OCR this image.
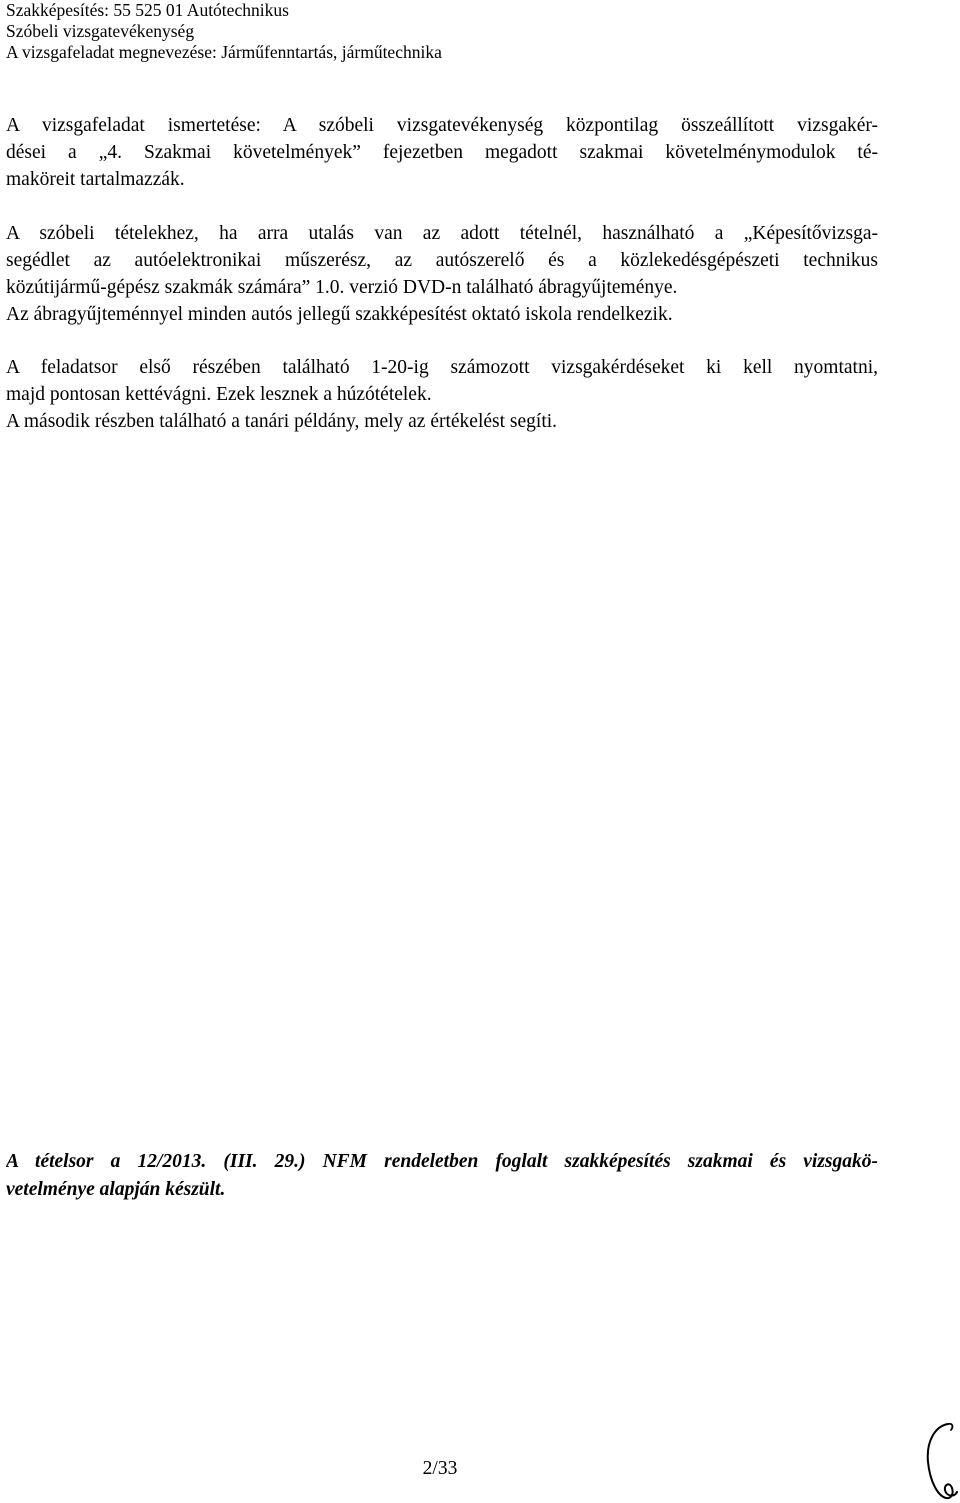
Szakképesítés: 55 525 01 Autótechnikus
Szóbeli vizsgatevékenység
A vizsgafeladat megnevezése: Járműfenntartás, járműtechnika
A vizsgafeladat ismertetése: A szóbeli vizsgatevékenység központilag összeállított vizsgakér-
dései a „4. Szakmai követelmények” fejezetben megadott szakmai követelménymodulok té-
maköreit tartalmazzák.
A szóbeli tételekhez, ha arra utalás van az adott tételnél, használható a „Képesítővizsga-
segédlet az autóelektronikai műszerész, az autószerelő és a közlekedésgépészeti technikus
közútijármű-gépész szakmák számára” 1.0. verzió DVD-n található ábragyűjteménye.
Az ábragyűjteménnyel minden autós jellegű szakképesítést oktató iskola rendelkezik.
A feladatsor első részében található 1-20-ig számozott vizsgakérdéseket ki kell nyomtatni,
majd pontosan kettévágni. Ezek lesznek a húzótételek.
A második részben található a tanári példány, mely az értékelést segíti.
A tételsor a 12/2013. (III. 29.) NFM rendeletben foglalt szakképesítés szakmai és vizsgakö-
vetelménye alapján készült.
2/33
